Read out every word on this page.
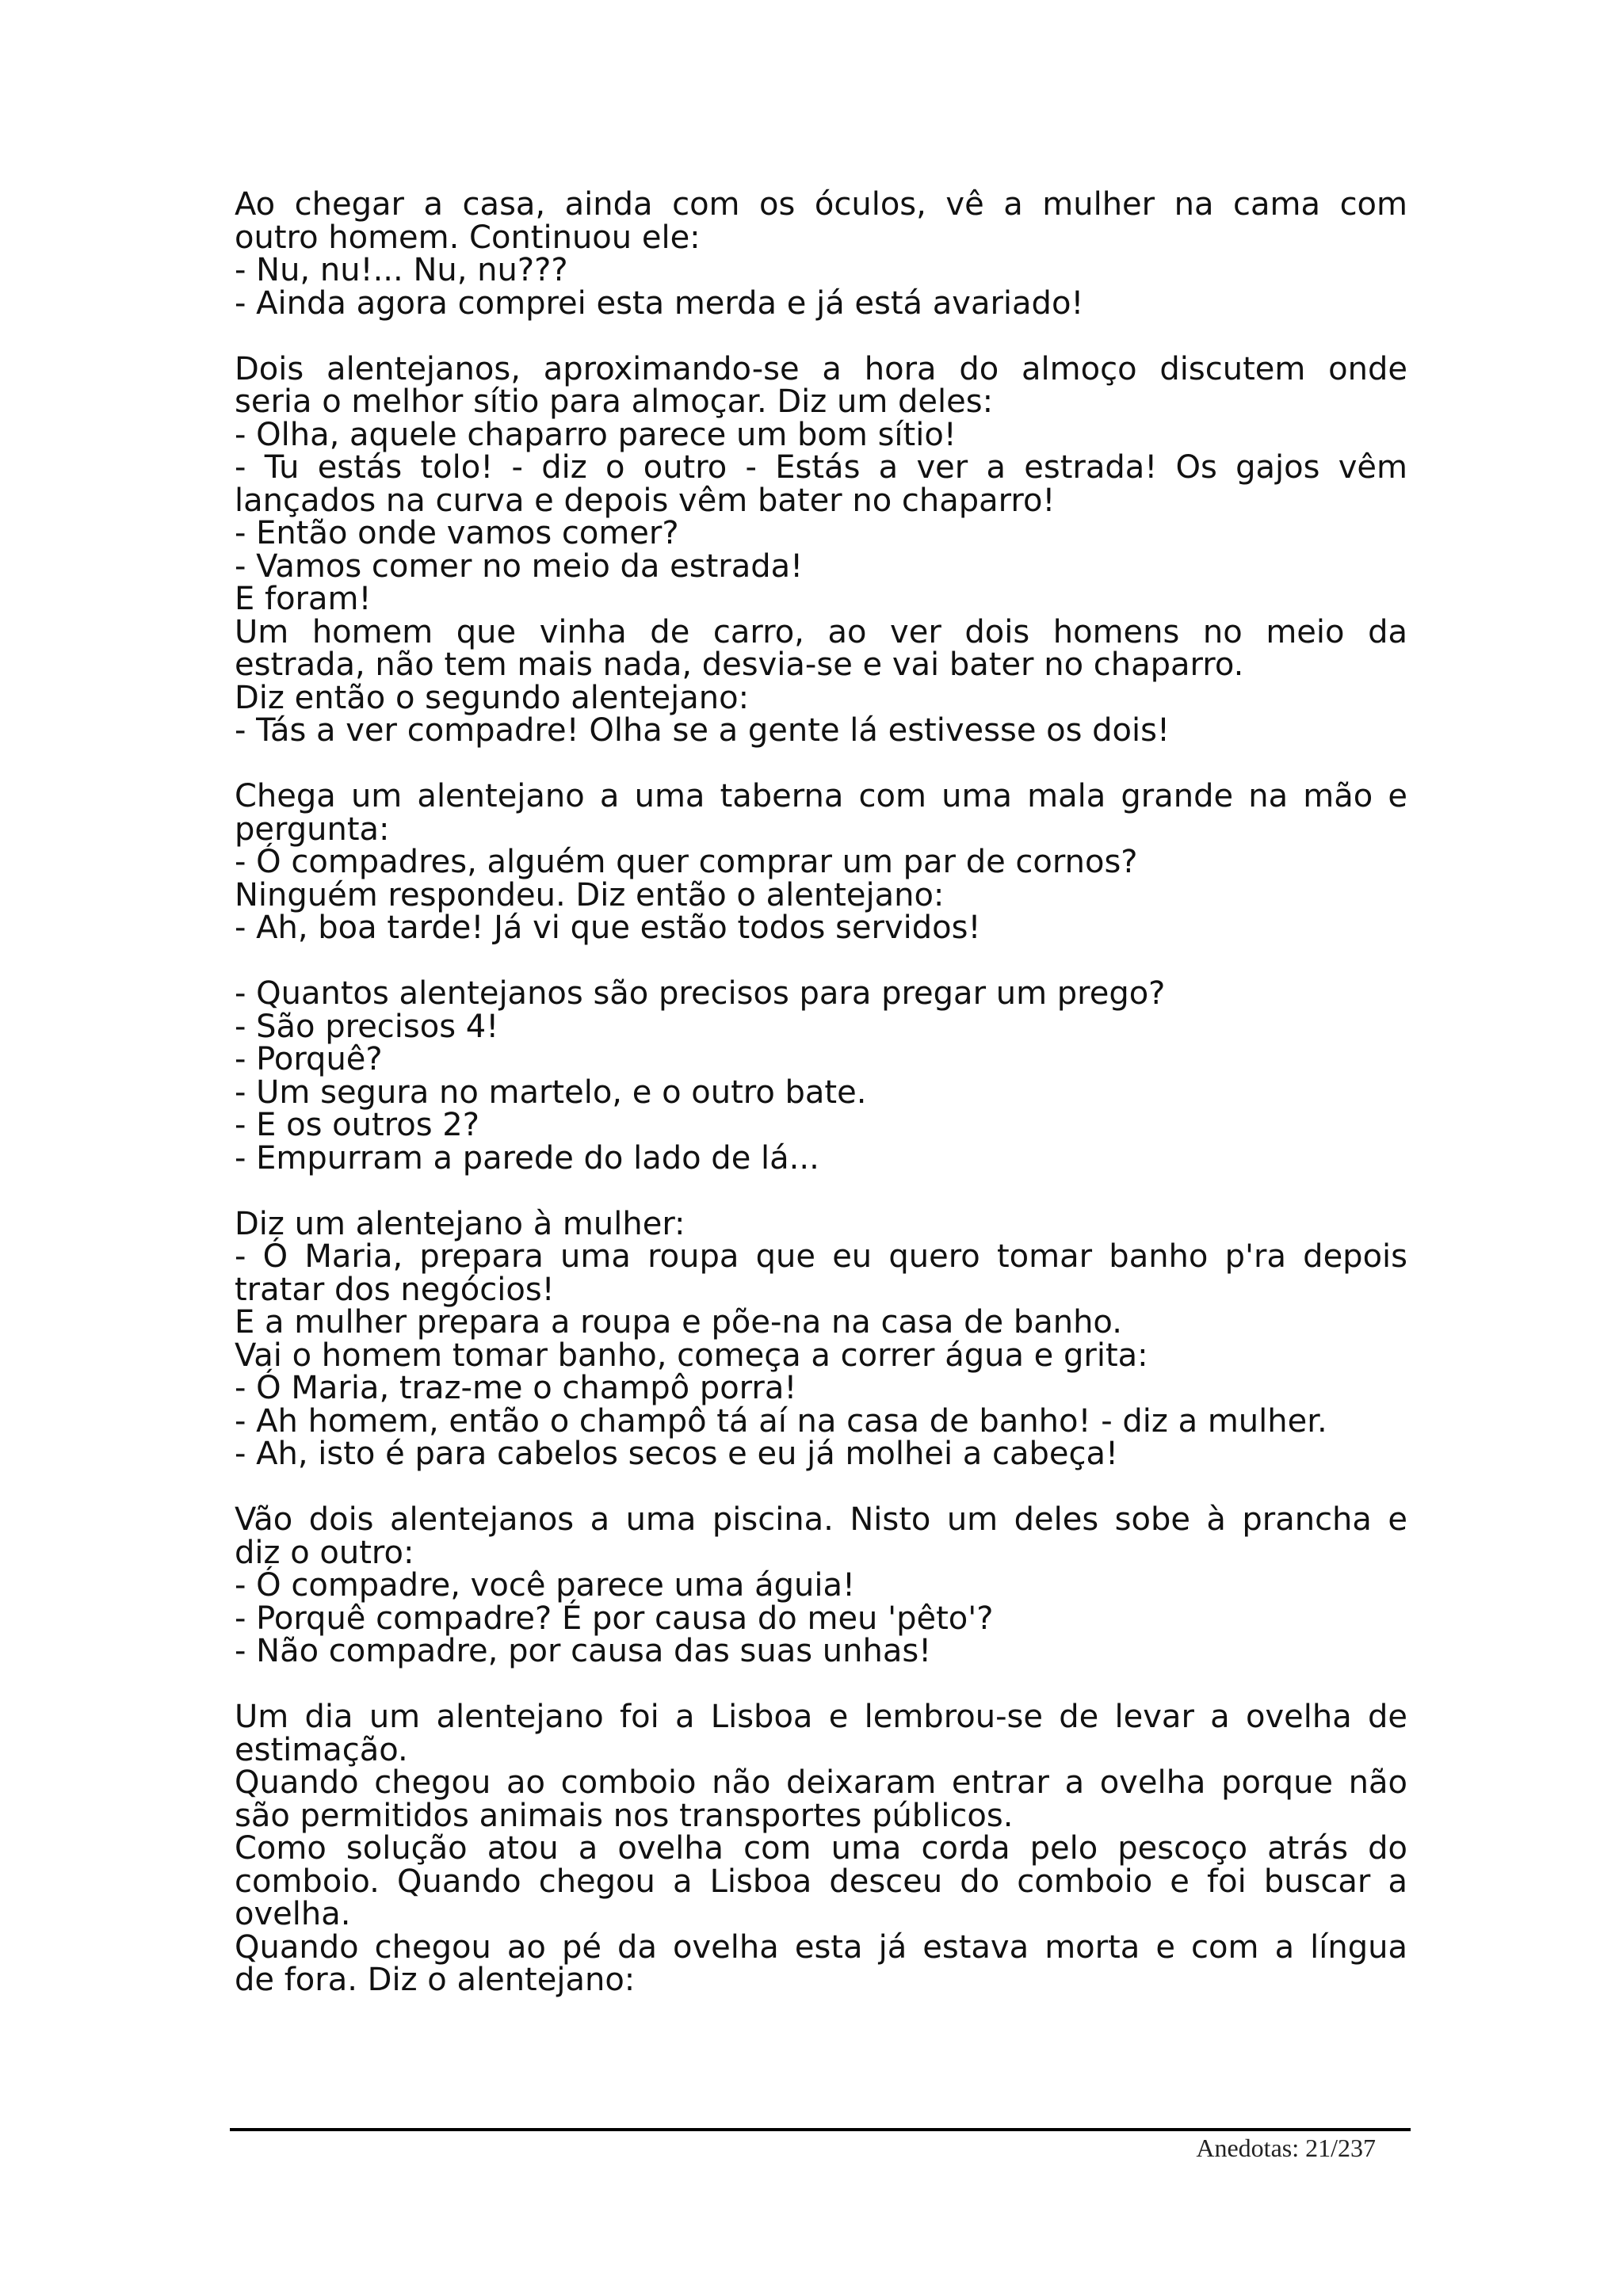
Ao chegar a casa, ainda com os óculos, vê a mulher na cama com
outro homem. Continuou ele:
- Nu, nu!... Nu, nu???
- Ainda agora comprei esta merda e já está avariado!
Dois alentejanos, aproximando-se a hora do almoço discutem onde
seria o melhor sítio para almoçar. Diz um deles:
- Olha, aquele chaparro parece um bom sítio!
- Tu estás tolo! - diz o outro - Estás a ver a estrada! Os gajos vêm
lançados na curva e depois vêm bater no chaparro!
- Então onde vamos comer?
- Vamos comer no meio da estrada!
E foram!
Um homem que vinha de carro, ao ver dois homens no meio da
estrada, não tem mais nada, desvia-se e vai bater no chaparro.
Diz então o segundo alentejano:
- Tás a ver compadre! Olha se a gente lá estivesse os dois!
Chega um alentejano a uma taberna com uma mala grande na mão e
pergunta:
- Ó compadres, alguém quer comprar um par de cornos?
Ninguém respondeu. Diz então o alentejano:
- Ah, boa tarde! Já vi que estão todos servidos!
- Quantos alentejanos são precisos para pregar um prego?
- São precisos 4!
- Porquê?
- Um segura no martelo, e o outro bate.
- E os outros 2?
- Empurram a parede do lado de lá...
Diz um alentejano à mulher:
- Ó Maria, prepara uma roupa que eu quero tomar banho p'ra depois
tratar dos negócios!
E a mulher prepara a roupa e põe-na na casa de banho.
Vai o homem tomar banho, começa a correr água e grita:
- Ó Maria, traz-me o champô porra!
- Ah homem, então o champô tá aí na casa de banho! - diz a mulher.
- Ah, isto é para cabelos secos e eu já molhei a cabeça!
Vão dois alentejanos a uma piscina. Nisto um deles sobe à prancha e
diz o outro:
- Ó compadre, você parece uma águia!
- Porquê compadre? É por causa do meu 'pêto'?
- Não compadre, por causa das suas unhas!
Um dia um alentejano foi a Lisboa e lembrou-se de levar a ovelha de
estimação.
Quando chegou ao comboio não deixaram entrar a ovelha porque não
são permitidos animais nos transportes públicos.
Como solução atou a ovelha com uma corda pelo pescoço atrás do
comboio. Quando chegou a Lisboa desceu do comboio e foi buscar a
ovelha.
Quando chegou ao pé da ovelha esta já estava morta e com a língua
de fora. Diz o alentejano:
Anedotas: 21/237
